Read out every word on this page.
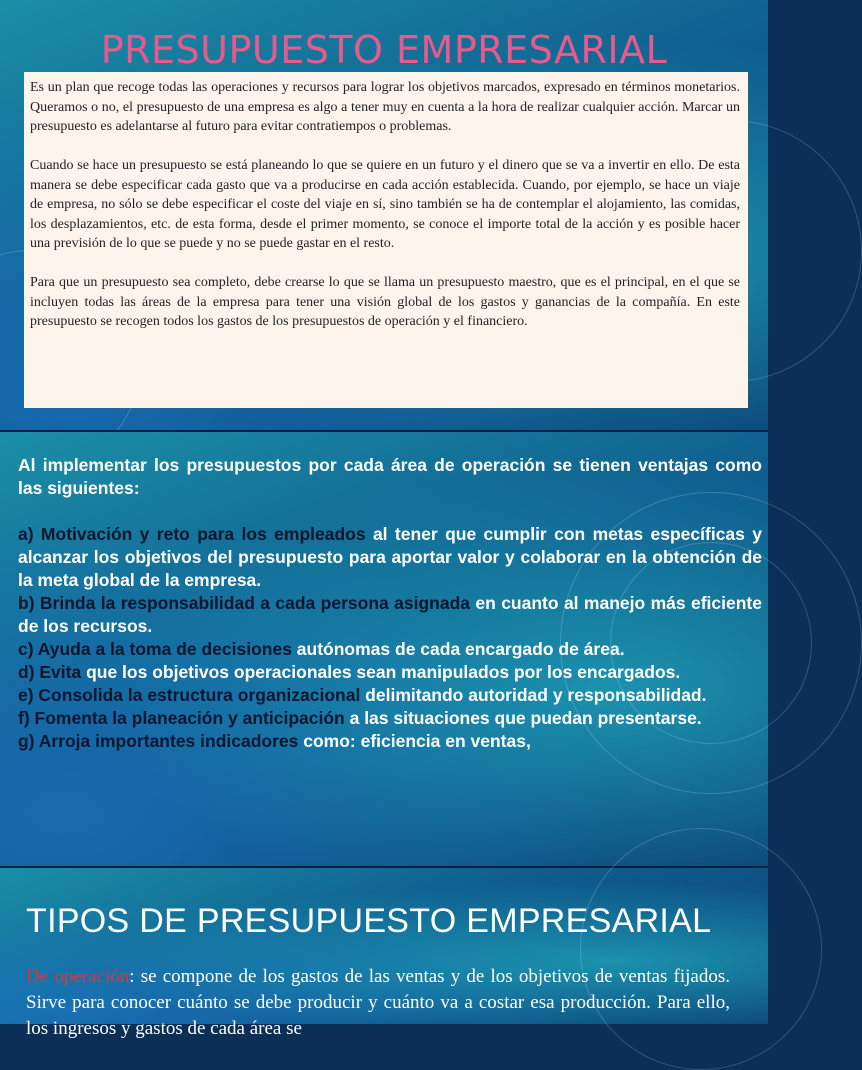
PRESUPUESTO EMPRESARIAL

Es un plan que recoge todas las operaciones y recursos para lograr los objetivos marcados, expresado en términos monetarios. Queramos o no, el presupuesto de una empresa es algo a tener muy en cuenta a la hora de realizar cualquier acción. Marcar un presupuesto es adelantarse al futuro para evitar contratiempos o problemas.

Cuando se hace un presupuesto se está planeando lo que se quiere en un futuro y el dinero que se va a invertir en ello. De esta manera se debe especificar cada gasto que va a producirse en cada acción establecida. Cuando, por ejemplo, se hace un viaje de empresa, no sólo se debe especificar el coste del viaje en sí, sino también se ha de contemplar el alojamiento, las comidas, los desplazamientos, etc. de esta forma, desde el primer momento, se conoce el importe total de la acción y es posible hacer una previsión de lo que se puede y no se puede gastar en el resto.

Para que un presupuesto sea completo, debe crearse lo que se llama un presupuesto maestro, que es el principal, en el que se incluyen todas las áreas de la empresa para tener una visión global de los gastos y ganancias de la compañía. En este presupuesto se recogen todos los gastos de los presupuestos de operación y el financiero.

Al implementar los presupuestos por cada área de operación se tienen ventajas como las siguientes:

a) Motivación y reto para los empleados al tener que cumplir con metas específicas y alcanzar los objetivos del presupuesto para aportar valor y colaborar en la obtención de la meta global de la empresa.

b) Brinda la responsabilidad a cada persona asignada en cuanto al manejo más eficiente de los recursos.

c) Ayuda a la toma de decisiones autónomas de cada encargado de área.

d) Evita que los objetivos operacionales sean manipulados por los encargados.

e) Consolida la estructura organizacional delimitando autoridad y responsabilidad.

f) Fomenta la planeación y anticipación a las situaciones que puedan presentarse.

g) Arroja importantes indicadores como: eficiencia en ventas,

TIPOS DE PRESUPUESTO EMPRESARIAL
De operación: se compone de los gastos de las ventas y de los objetivos de ventas fijados. Sirve para conocer cuánto se debe producir y cuánto va a costar esa producción. Para ello, los ingresos y gastos de cada área se
